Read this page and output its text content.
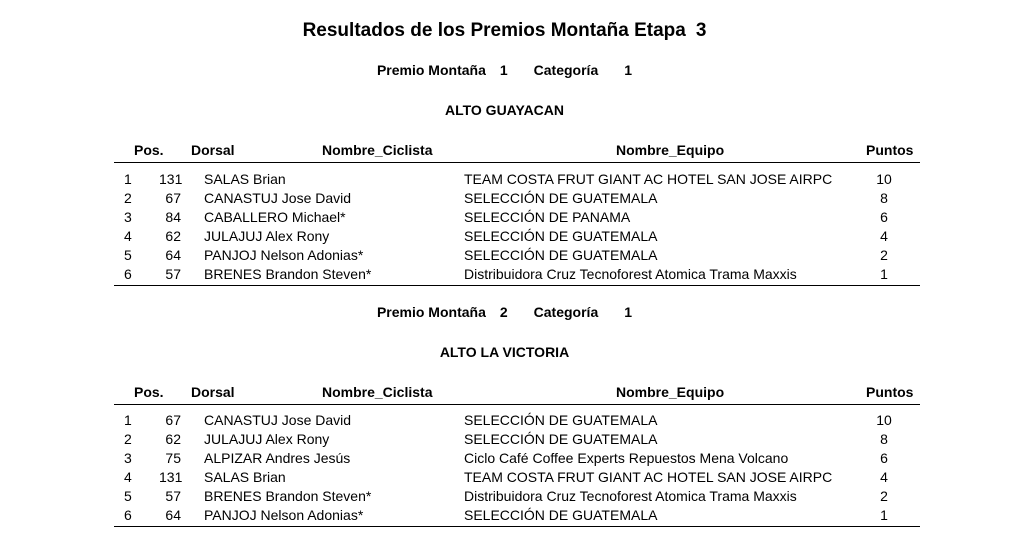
Resultados de los Premios Montaña Etapa 3
Premio Montaña 1 Categoría 1
ALTO GUAYACAN
Pos. Dorsal	Nombre_Ciclista	Nombre_Equipo	Puntos
1 131 SALAS Brian	TEAM COSTA FRUT GIANT AC HOTEL SAN JOSE AIRPC	10
2	67 CANASTUJ Jose David	SELECCIÓN DE GUATEMALA	8
3	84 CABALLERO Michael*	SELECCIÓN DE PANAMA	6
4	62 JULAJUJ Alex Rony	SELECCIÓN DE GUATEMALA	4
5	64 PANJOJ Nelson Adonias*	SELECCIÓN DE GUATEMALA	2
6	57 BRENES Brandon Steven*	Distribuidora Cruz Tecnoforest Atomica Trama Maxxis	1
Premio Montaña 2 Categoría 1
ALTO LA VICTORIA
Pos. Dorsal	Nombre_Ciclista	Nombre_Equipo	Puntos
1	67 CANASTUJ Jose David	SELECCIÓN DE GUATEMALA	10
2	62 JULAJUJ Alex Rony	SELECCIÓN DE GUATEMALA	8
3	75 ALPIZAR Andres Jesús	Ciclo Café Coffee Experts Repuestos Mena Volcano	6
4 131 SALAS Brian	TEAM COSTA FRUT GIANT AC HOTEL SAN JOSE AIRPC	4
5	57 BRENES Brandon Steven*	Distribuidora Cruz Tecnoforest Atomica Trama Maxxis	2
6	64 PANJOJ Nelson Adonias*	SELECCIÓN DE GUATEMALA	1
